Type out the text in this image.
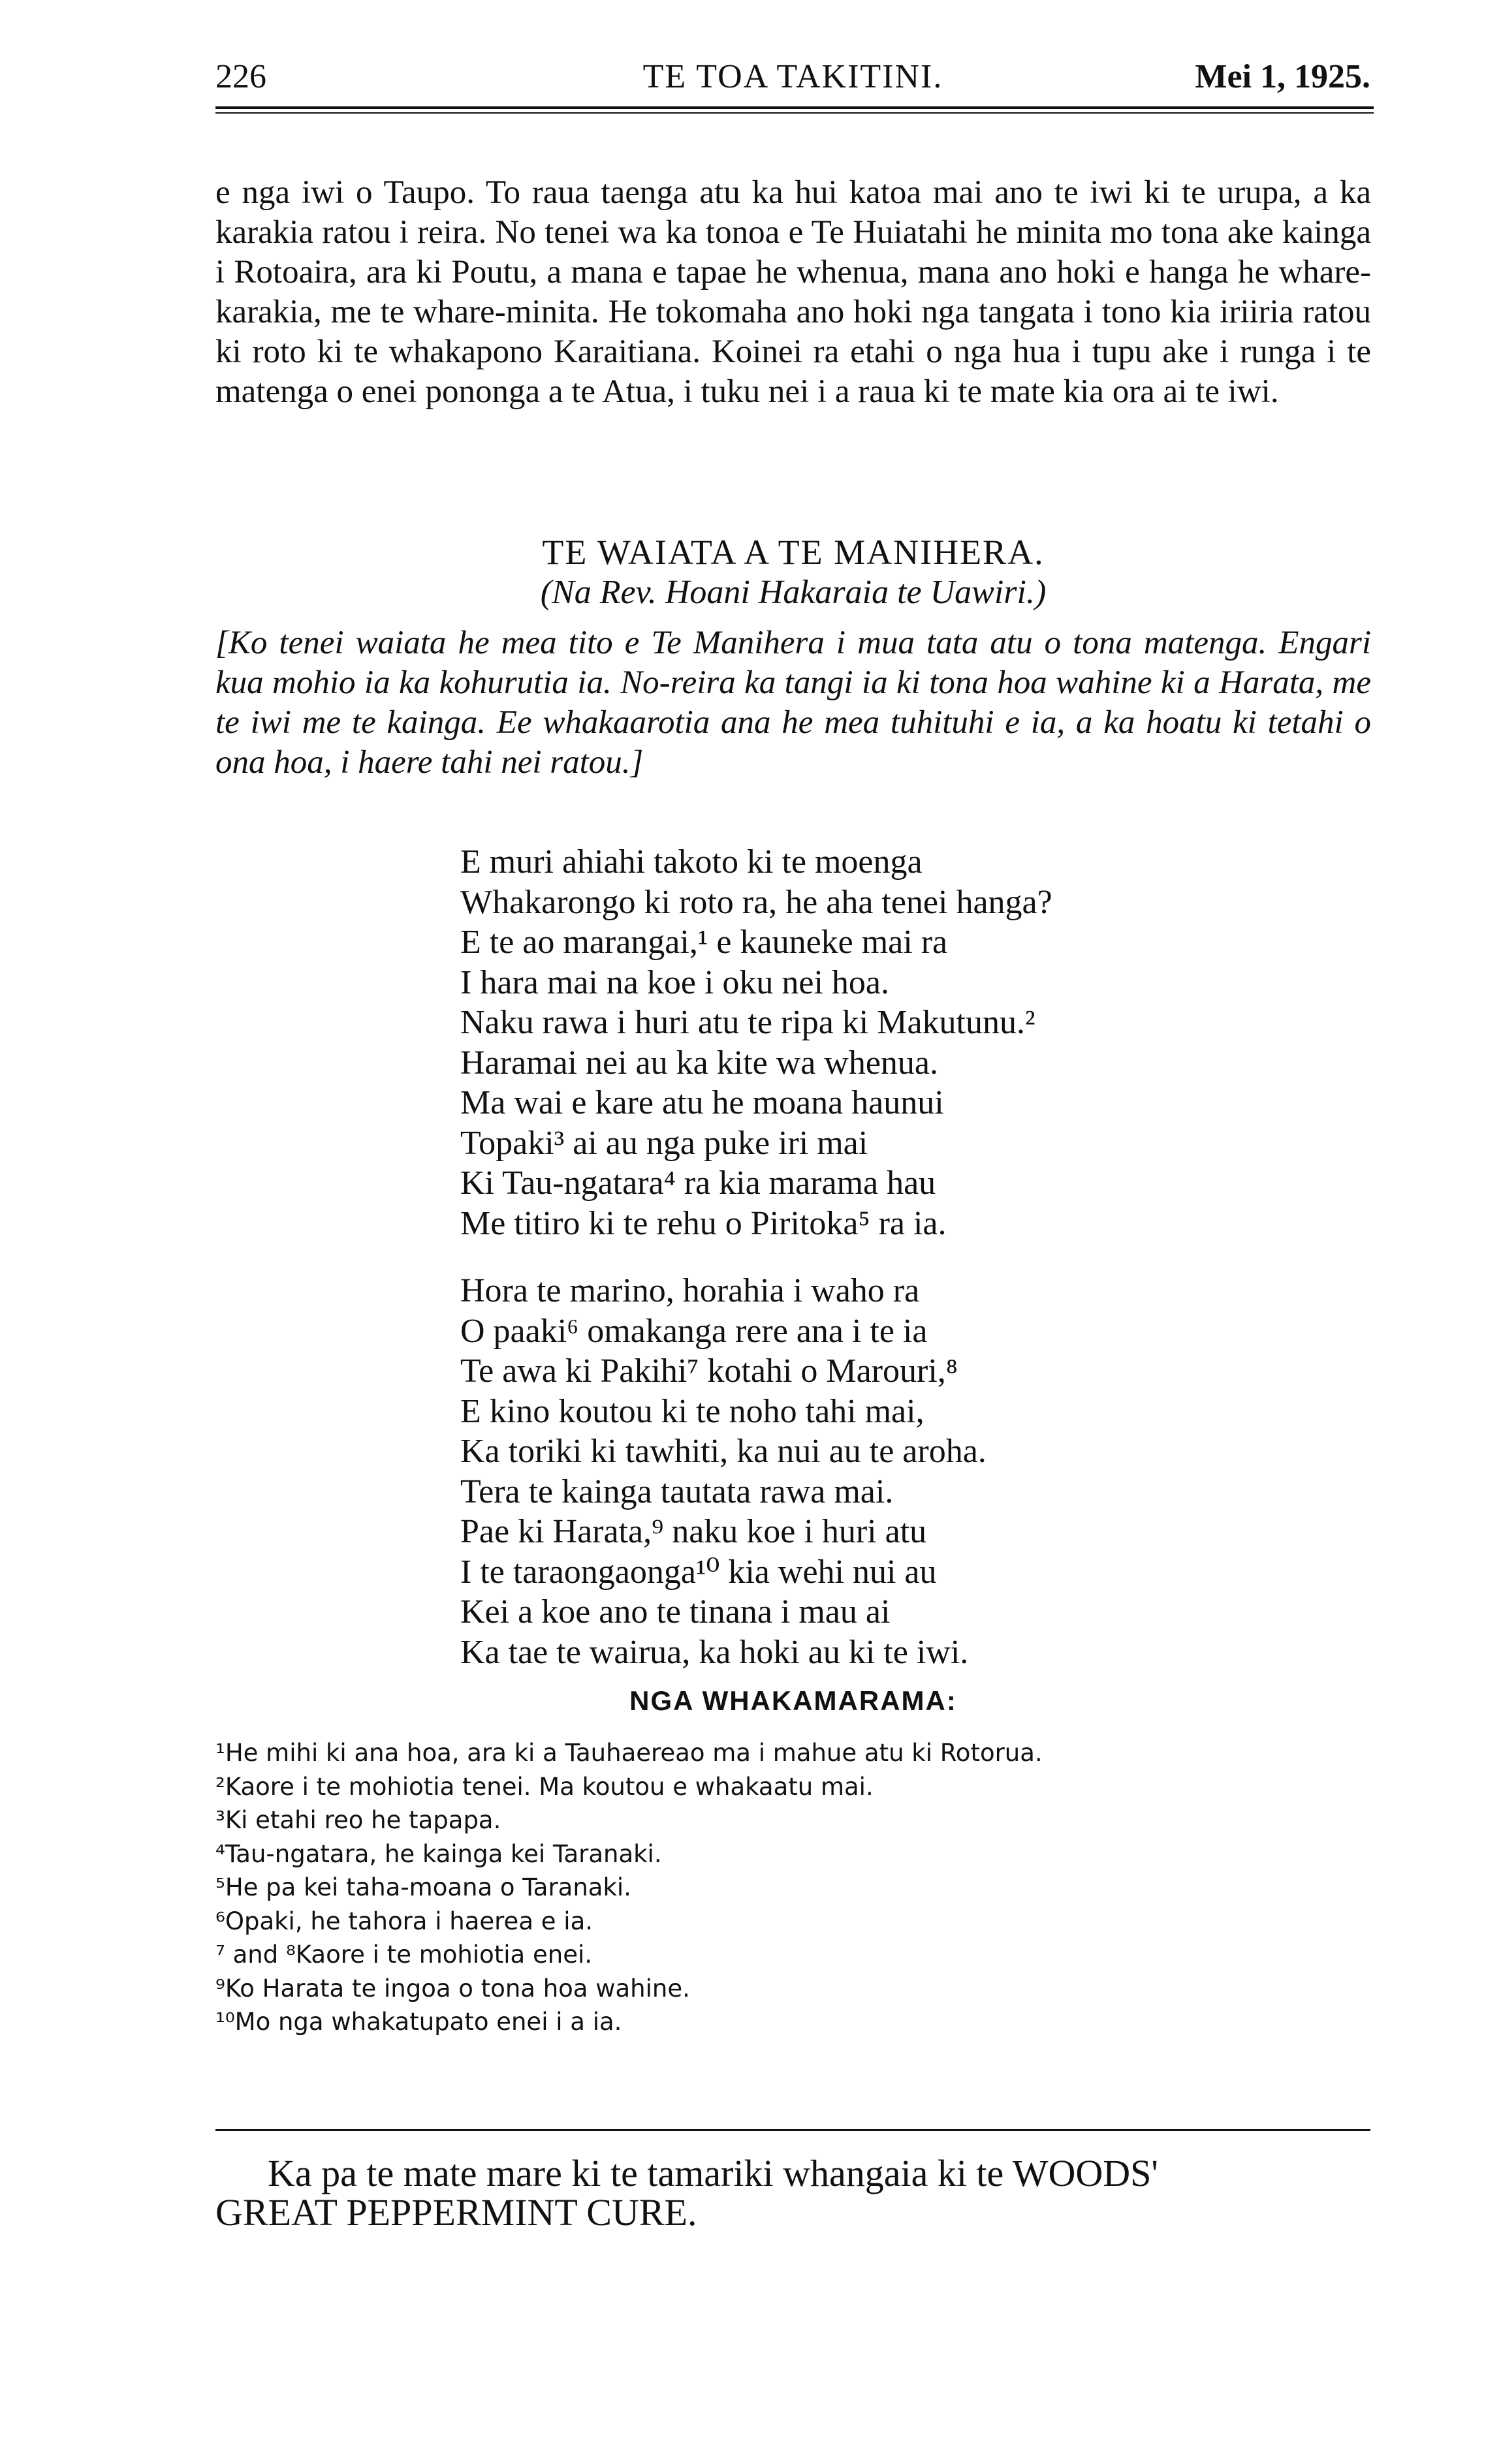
226	TE TOA TAKITINI.	Mei 1, 1925.
e nga iwi o Taupo. To raua taenga atu ka hui katoa mai ano te iwi ki te urupa, a ka karakia ratou i reira. No tenei wa ka tonoa e Te Huiatahi he minita mo tona ake kainga i Rotoaira, ara ki Poutu, a mana e tapae he whenua, mana ano hoki e hanga he whare-karakia, me te whare-minita. He tokomaha ano hoki nga tangata i tono kia iriiria ratou ki roto ki te whakapono Karaitiana. Koinei ra etahi o nga hua i tupu ake i runga i te matenga o enei pononga a te Atua, i tuku nei i a raua ki te mate kia ora ai te iwi.
TE WAIATA A TE MANIHERA.
(Na Rev. Hoani Hakaraia te Uawiri.)
[Ko tenei waiata he mea tito e Te Manihera i mua tata atu o tona matenga. Engari kua mohio ia ka kohurutia ia. No-reira ka tangi ia ki tona hoa wahine ki a Harata, me te iwi me te kainga. Ee whakaarotia ana he mea tuhituhi e ia, a ka hoatu ki tetahi o ona hoa, i haere tahi nei ratou.]
E muri ahiahi takoto ki te moenga
Whakarongo ki roto ra, he aha tenei hanga?
E te ao marangai,¹ e kauneke mai ra
I hara mai na koe i oku nei hoa.
Naku rawa i huri atu te ripa ki Makutunu.²
Haramai nei au ka kite wa whenua.
Ma wai e kare atu he moana haunui
Topaki³ ai au nga puke iri mai
Ki Tau-ngatara⁴ ra kia marama hau
Me titiro ki te rehu o Piritoka⁵ ra ia.
Hora te marino, horahia i waho ra
O paaki⁶ omakanga rere ana i te ia
Te awa ki Pakihi⁷ kotahi o Marouri,⁸
E kino koutou ki te noho tahi mai,
Ka toriki ki tawhiti, ka nui au te aroha.
Tera te kainga tautata rawa mai.
Pae ki Harata,⁹ naku koe i huri atu
I te taraongaonga¹⁰ kia wehi nui au
Kei a koe ano te tinana i mau ai
Ka tae te wairua, ka hoki au ki te iwi.
NGA WHAKAMARAMA:
¹He mihi ki ana hoa, ara ki a Tauhaereao ma i mahue atu ki Rotorua.
²Kaore i te mohiotia tenei. Ma koutou e whakaatu mai.
³Ki etahi reo he tapapa.
⁴Tau-ngatara, he kainga kei Taranaki.
⁵He pa kei taha-moana o Taranaki.
⁶Opaki, he tahora i haerea e ia.
⁷ and ⁸Kaore i te mohiotia enei.
⁹Ko Harata te ingoa o tona hoa wahine.
¹⁰Mo nga whakatupato enei i a ia.
Ka pa te mate mare ki te tamariki whangaia ki te WOODS'
GREAT PEPPERMINT CURE.
